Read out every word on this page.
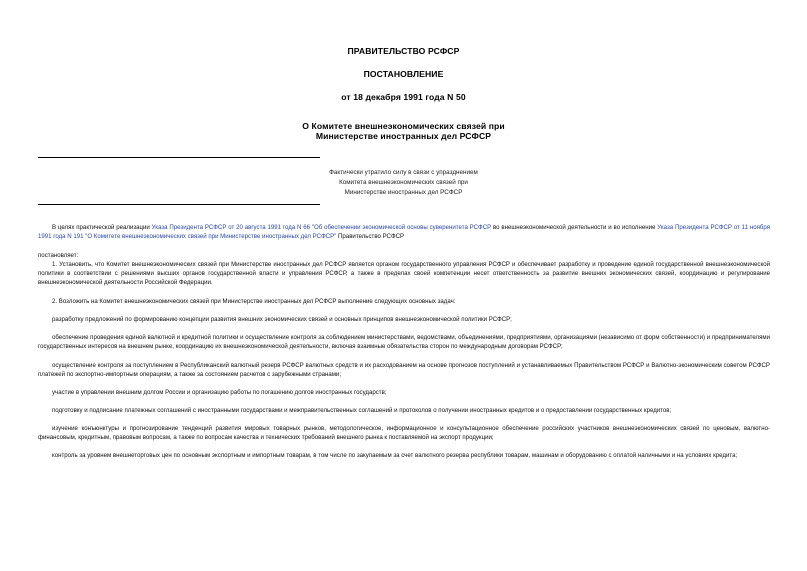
ПРАВИТЕЛЬСТВО РСФСР
ПОСТАНОВЛЕНИЕ
от 18 декабря 1991 года N 50
О Комитете внешнеэкономических связей при
Министерстве иностранных дел РСФСР
Фактически утратило силу в связи с упразднением
Комитета внешнеэкономических связей при
Министерстве иностранных дел РСФСР

В целях практической реализации Указа Президента РСФСР от 20 августа 1991 года N 66 "Об обеспечении экономической основы суверенитета РСФСР во внешнеэкономической деятельности и во исполнение Указа Президента РСФСР от 11 ноября 1991 года N 191 "О Комитете внешнеэкономических связей при Министерстве иностранных дел РСФСР" Правительство РСФСР

постановляет:

1. Установить, что Комитет внешнеэкономических связей при Министерстве иностранных дел РСФСР является органом государственного управления РСФСР и обеспечивает разработку и проведение единой государственной внешнеэкономической политики в соответствии с решениями высших органов государственной власти и управления РСФСР, а также в пределах своей компетенции несет ответственность за развитие внешних экономических связей, координацию и регулирование внешнеэкономической деятельности Российской Федерации.

2. Возложить на Комитет внешнеэкономических связей при Министерстве иностранных дел РСФСР выполнение следующих основных задач:

разработку предложений по формированию концепции развития внешних экономических связей и основных принципов внешнеэкономической политики РСФСР;

обеспечение проведения единой валютной и кредитной политики и осуществление контроля за соблюдением министерствами, ведомствами, объединениями, предприятиями, организациями (независимо от форм собственности) и предпринимателями государственных интересов на внешнем рынке, координацию их внешнеэкономической деятельности, включая взаимные обязательства сторон по международным договорам РСФСР;

осуществление контроля за поступлением в Республиканский валютный резерв РСФСР валютных средств и их расходованием на основе прогнозов поступлений и устанавливаемых Правительством РСФСР и Валютно-экономическим советом РСФСР платежей по экспортно-импортным операциям, а также за состоянием расчетов с зарубежными странами;

участие в управлении внешним долгом России и организацию работы по погашению долгов иностранных государств;

подготовку и подписание платежных соглашений с иностранными государствами и межправительственных соглашений и протоколов о получении иностранных кредитов и о предоставлении государственных кредитов;

изучение конъюнктуры и прогнозирование тенденций развития мировых товарных рынков, методологическое, информационное и консультационное обеспечение российских участников внешнеэкономических связей по ценовым, валютно-финансовым, кредитным, правовым вопросам, а также по вопросам качества и технических требований внешнего рынка к поставляемой на экспорт продукции;

контроль за уровнем внешнеторговых цен по основным экспортным и импортным товарам, в том числе по закупаемым за счет валютного резерва республики товарам, машинам и оборудованию с оплатой наличными и на условиях кредита;
